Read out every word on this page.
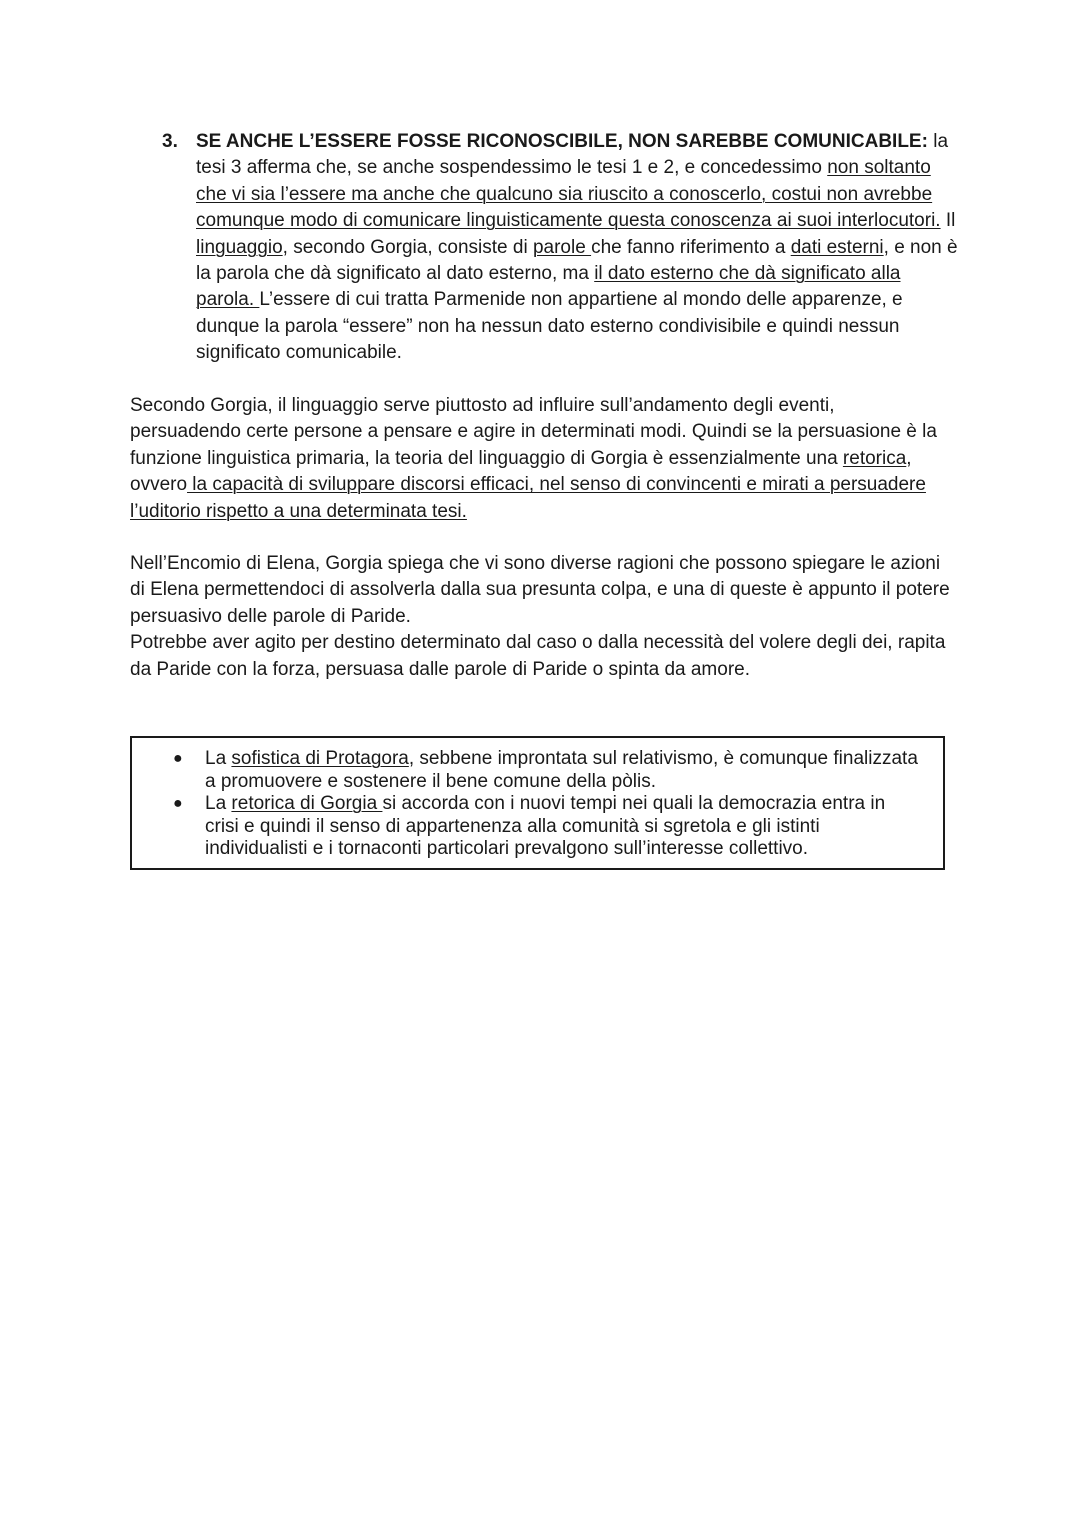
3. SE ANCHE L’ESSERE FOSSE RICONOSCIBILE, NON SAREBBE COMUNICABILE: la tesi 3 afferma che, se anche sospendessimo le tesi 1 e 2, e concedessimo non soltanto che vi sia l’essere ma anche che qualcuno sia riuscito a conoscerlo, costui non avrebbe comunque modo di comunicare linguisticamente questa conoscenza ai suoi interlocutori. Il linguaggio, secondo Gorgia, consiste di parole che fanno riferimento a dati esterni, e non è la parola che dà significato al dato esterno, ma il dato esterno che dà significato alla parola. L’essere di cui tratta Parmenide non appartiene al mondo delle apparenze, e dunque la parola “essere” non ha nessun dato esterno condivisibile e quindi nessun significato comunicabile.

Secondo Gorgia, il linguaggio serve piuttosto ad influire sull’andamento degli eventi, persuadendo certe persone a pensare e agire in determinati modi. Quindi se la persuasione è la funzione linguistica primaria, la teoria del linguaggio di Gorgia è essenzialmente una retorica, ovvero la capacità di sviluppare discorsi efficaci, nel senso di convincenti e mirati a persuadere l’uditorio rispetto a una determinata tesi.

Nell’Encomio di Elena, Gorgia spiega che vi sono diverse ragioni che possono spiegare le azioni di Elena permettendoci di assolverla dalla sua presunta colpa, e una di queste è appunto il potere persuasivo delle parole di Paride.
Potrebbe aver agito per destino determinato dal caso o dalla necessità del volere degli dei, rapita da Paride con la forza, persuasa dalle parole di Paride o spinta da amore.
● La sofistica di Protagora, sebbene improntata sul relativismo, è comunque finalizzata a promuovere e sostenere il bene comune della pòlis.
● La retorica di Gorgia si accorda con i nuovi tempi nei quali la democrazia entra in crisi e quindi il senso di appartenenza alla comunità si sgretola e gli istinti individualisti e i tornaconti particolari prevalgono sull’interesse collettivo.
